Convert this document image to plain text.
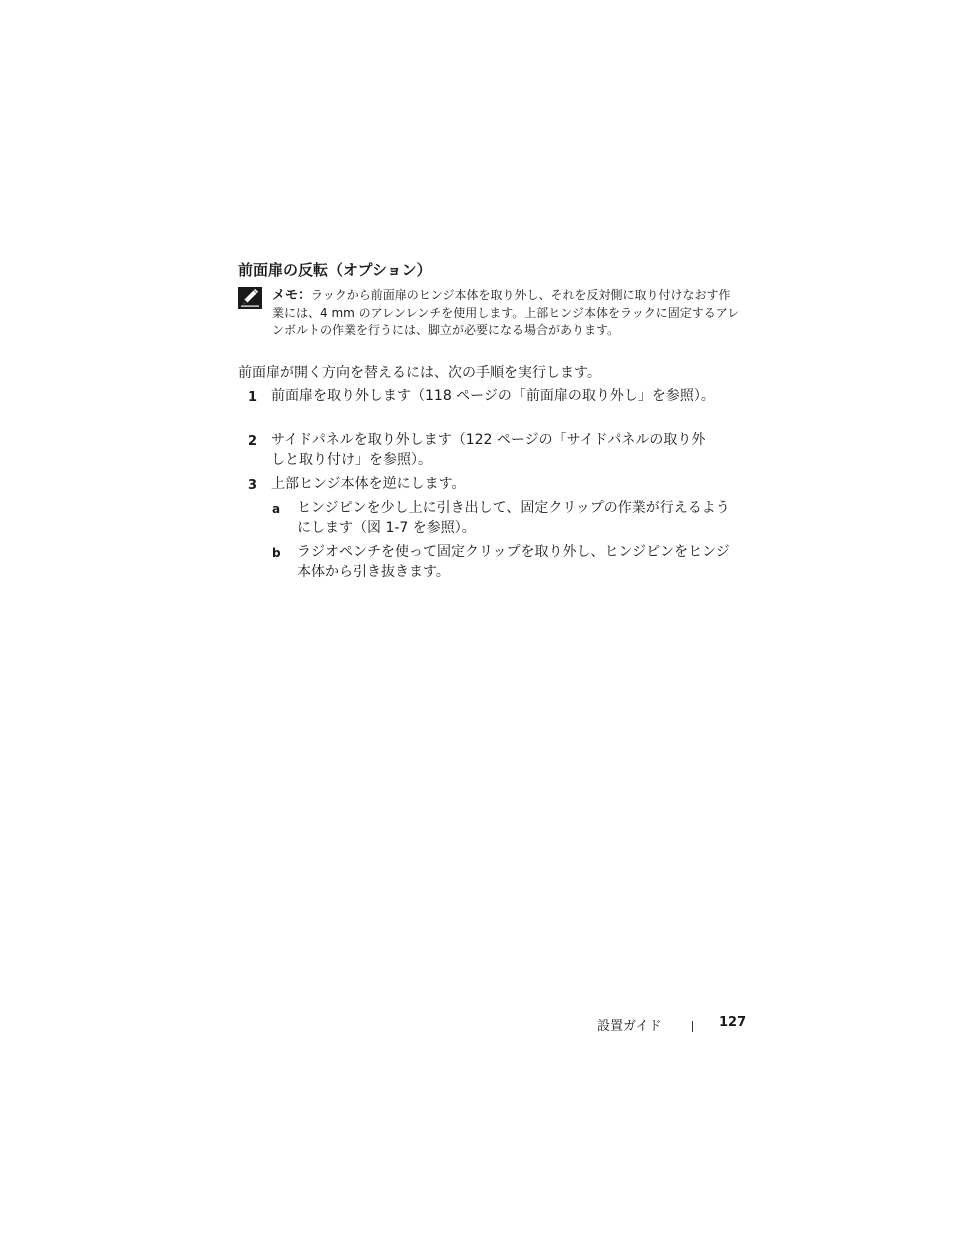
前面扉の反転（オプション）
メモ：ラックから前面扉のヒンジ本体を取り外し、それを反対側に取り付けなおす作業には、4 mm のアレンレンチを使用します。上部ヒンジ本体をラックに固定するアレンボルトの作業を行うには、脚立が必要になる場合があります。
前面扉が開く方向を替えるには、次の手順を実行します。
1 前面扉を取り外します（118 ページの「前面扉の取り外し」を参照）。
2 サイドパネルを取り外します（122 ページの「サイドパネルの取り外しと取り付け」を参照）。
3 上部ヒンジ本体を逆にします。
a ヒンジピンを少し上に引き出して、固定クリップの作業が行えるようにします（図 1-7 を参照）。
b ラジオペンチを使って固定クリップを取り外し、ヒンジピンをヒンジ本体から引き抜きます。
設置ガイド	127
